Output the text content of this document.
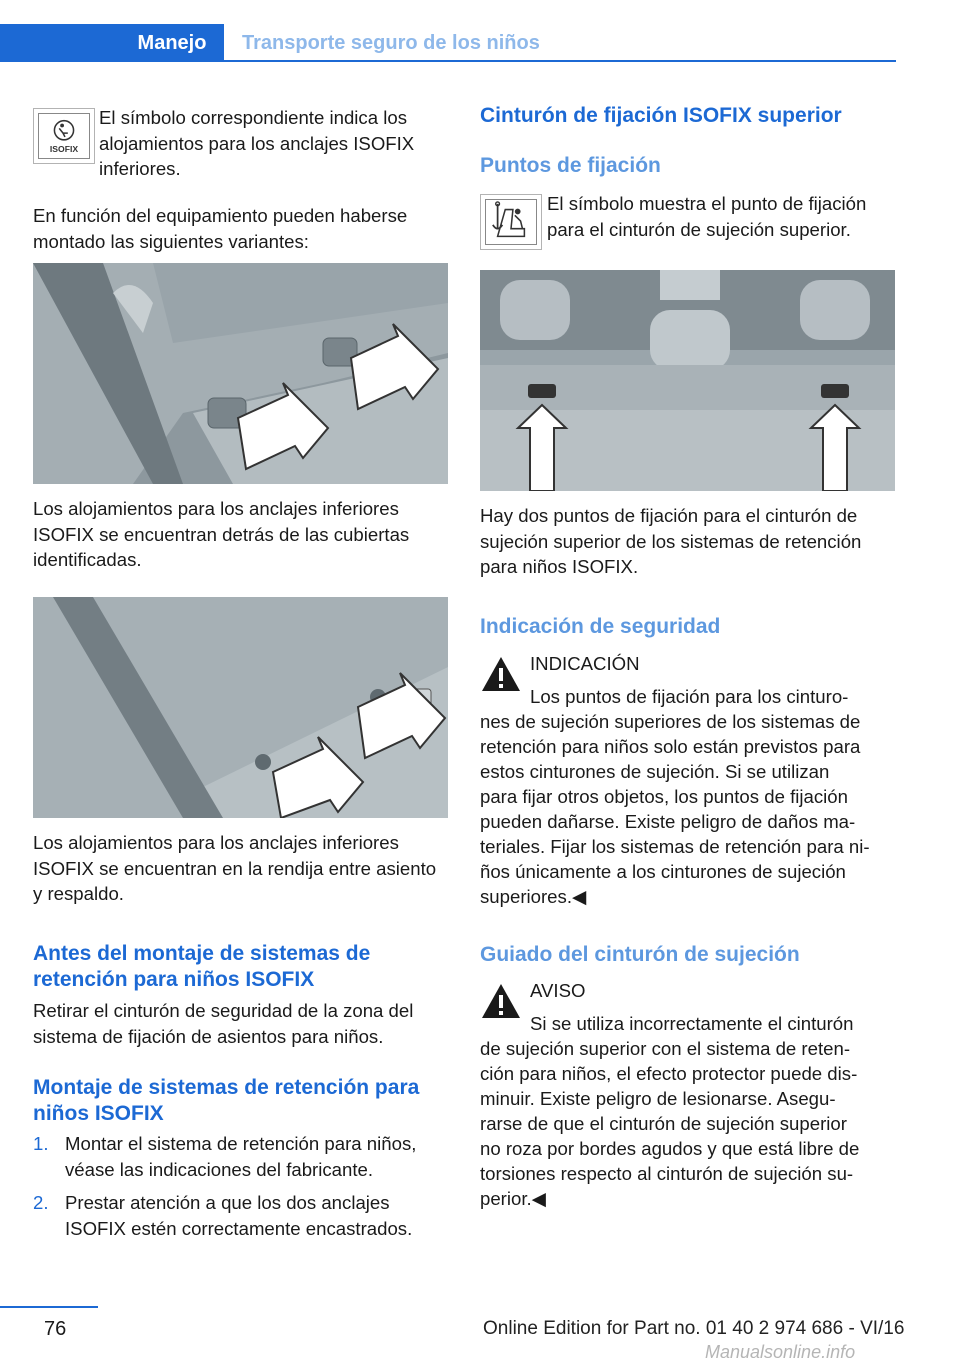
Manejo	Transporte seguro de los niños
ISOFIX
El símbolo correspondiente indica los alojamientos para los anclajes ISOFIX inferiores.
En función del equipamiento pueden haberse montado las siguientes variantes:
Los alojamientos para los anclajes inferiores ISOFIX se encuentran detrás de las cubiertas identificadas.
Los alojamientos para los anclajes inferiores ISOFIX se encuentran en la rendija entre asiento y respaldo.
Antes del montaje de sistemas de retención para niños ISOFIX
Retirar el cinturón de seguridad de la zona del sistema de fijación de asientos para niños.
Montaje de sistemas de retención para niños ISOFIX
1. Montar el sistema de retención para niños, véase las indicaciones del fabricante.
2. Prestar atención a que los dos anclajes ISOFIX estén correctamente encastrados.
Cinturón de fijación ISOFIX superior
Puntos de fijación
El símbolo muestra el punto de fijación para el cinturón de sujeción superior.
Hay dos puntos de fijación para el cinturón de sujeción superior de los sistemas de retención para niños ISOFIX.
Indicación de seguridad
INDICACIÓN
Los puntos de fijación para los cinturo-
nes de sujeción superiores de los sistemas de
retención para niños solo están previstos para
estos cinturones de sujeción. Si se utilizan
para fijar otros objetos, los puntos de fijación
pueden dañarse. Existe peligro de daños ma-
teriales. Fijar los sistemas de retención para ni-
ños únicamente a los cinturones de sujeción
superiores.◀
Guiado del cinturón de sujeción
AVISO
Si se utiliza incorrectamente el cinturón
de sujeción superior con el sistema de reten-
ción para niños, el efecto protector puede dis-
minuir. Existe peligro de lesionarse. Asegu-
rarse de que el cinturón de sujeción superior
no roza por bordes agudos y que está libre de
torsiones respecto al cinturón de sujeción su-
perior.◀
76	Online Edition for Part no. 01 40 2 974 686 - VI/16
Manualsonline.info
